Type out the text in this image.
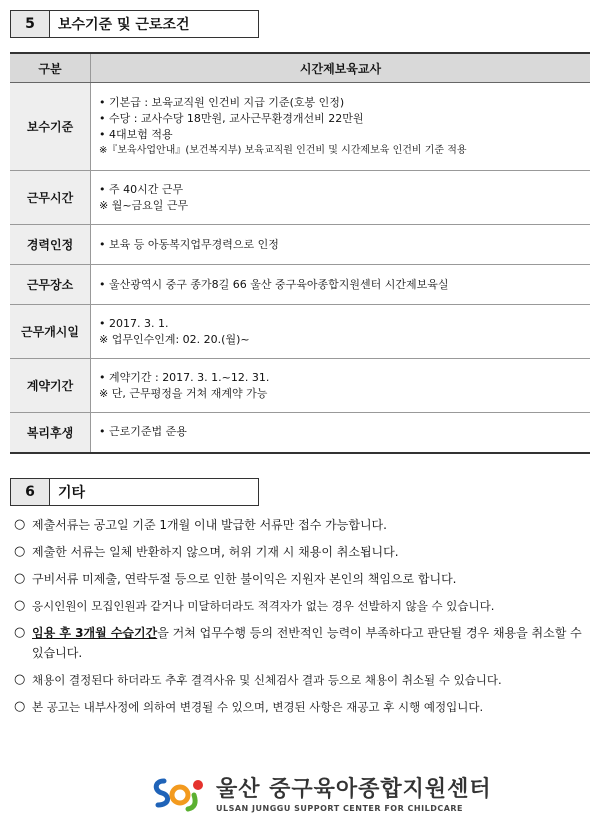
5	보수기준 및 근로조건
구분	시간제보육교사
보수기준	• 기본급 : 보육교직원 인건비 지급 기준(호봉 인정)
• 수당 : 교사수당 18만원, 교사근무환경개선비 22만원
• 4대보험 적용
※『보육사업안내』(보건복지부) 보육교직원 인건비 및 시간제보육 인건비 기준 적용

근무시간	• 주 40시간 근무
※ 월~금요일 근무

경력인정	• 보육 등 아동복지업무경력으로 인정

근무장소	• 울산광역시 중구 종가8길 66 울산 중구육아종합지원센터 시간제보육실

근무개시일	• 2017. 3. 1.
※ 업무인수인계: 02. 20.(월)~

계약기간	• 계약기간 : 2017. 3. 1.~12. 31.
※ 단, 근무평정을 거쳐 재계약 가능

복리후생	• 근로기준법 준용
6	기타
○ 제출서류는 공고일 기준 1개월 이내 발급한 서류만 접수 가능합니다.
○ 제출한 서류는 일체 반환하지 않으며, 허위 기재 시 채용이 취소됩니다.
○ 구비서류 미제출, 연락두절 등으로 인한 불이익은 지원자 본인의 책임으로 합니다.
○ 응시인원이 모집인원과 같거나 미달하더라도 적격자가 없는 경우 선발하지 않을 수 있습니다.
○ 임용 후 3개월 수습기간을 거쳐 업무수행 등의 전반적인 능력이 부족하다고 판단될 경우 채용을 취소할 수 있습니다.
○ 채용이 결정된다 하더라도 추후 결격사유 및 신체검사 결과 등으로 채용이 취소될 수 있습니다.
○ 본 공고는 내부사정에 의하여 변경될 수 있으며, 변경된 사항은 재공고 후 시행 예정입니다.
울산 중구육아종합지원센터
ULSAN JUNGGU SUPPORT CENTER FOR CHILDCARE
